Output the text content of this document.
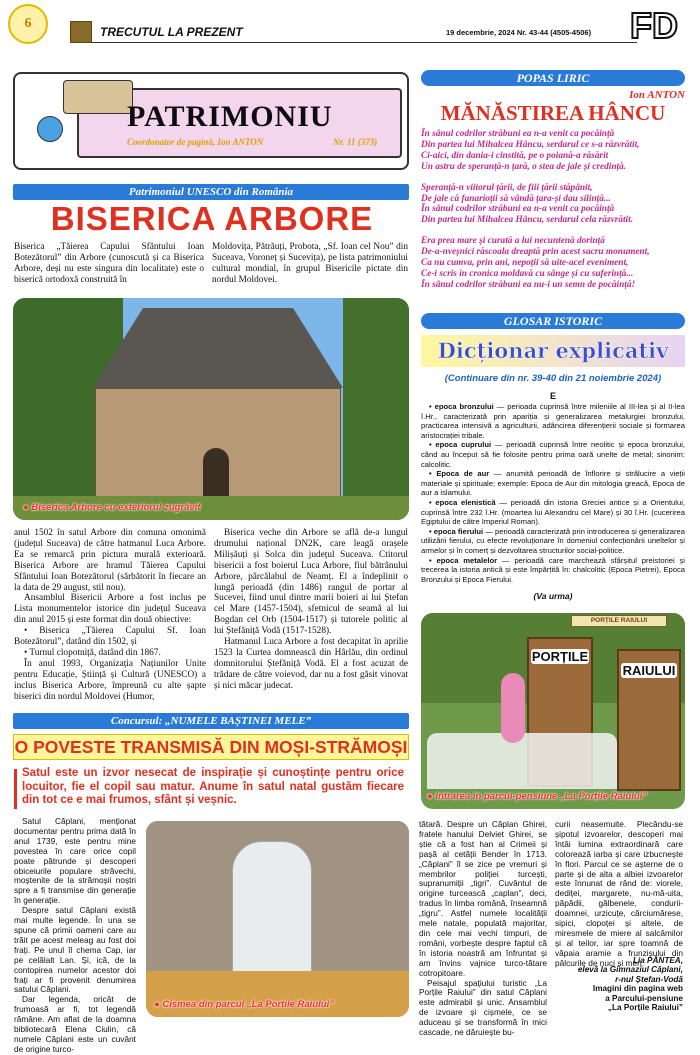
6
TRECUTUL LA PREZENT	19 decembrie, 2024 Nr. 43-44 (4505-4506) FD
PATRIMONIU
Coordonator de pagină, Ion ANTON	Nr. 11 (373)
Patrimoniul UNESCO din România
BISERICA ARBORE

Biserica „Tăierea Capului Sfântului Ioan Botezătorul” din Arbore (cunoscută și ca Biserica Arbore, deși nu este singura din localitate) este o biserică ortodoxă construită în

Moldovița, Pătrăuți, Probota, „Sf. Ioan cel Nou” din Suceava, Voroneț și Sucevița), pe lista patrimoniului cultural mondial, în grupul Bisericile pictate din nordul Moldovei.

● Biserica Arbore cu exteriorul zugrăvit

anul 1502 în satul Arbore din comuna omonimă (județul Suceava) de către hatmanul Luca Arbore. Ea se remarcă prin pictura murală exterioară. Biserica Arbore are hramul Tăierea Capului Sfântului Ioan Botezătorul (sărbătorit în fiecare an la data de 29 august, stil nou).

Ansamblul Bisericii Arbore a fost inclus pe Lista monumentelor istorice din județul Suceava din anul 2015 și este format din două obiective:

• Biserica „Tăierea Capului Sf. Ioan Botezătorul”, datând din 1502, și

• Turnul clopotniță, datând din 1867.

În anul 1993, Organizația Națiunilor Unite pentru Educație, Știință și Cultură (UNESCO) a inclus Biserica Arbore, împreună cu alte șapte biserici din nordul Moldovei (Humor,

Biserica veche din Arbore se află de-a lungul drumului național DN2K, care leagă orașele Milișăuți și Solca din județul Suceava. Ctitorul bisericii a fost boierul Luca Arbore, fiul bătrânului Arbore, pârcălabul de Neamț. El a îndeplinit o lungă perioadă (din 1486) rangul de portar al Sucevei, fiind unul dintre marii boieri ai lui Ștefan cel Mare (1457-1504), sfetnicul de seamă al lui Bogdan cel Orb (1504-1517) și tutorele politic al lui Ștefăniță Vodă (1517-1528).

Hatmanul Luca Arbore a fost decapitat în aprilie 1523 la Curtea domnească din Hârlău, din ordinul domnitorului Ștefăniță Vodă. El a fost acuzat de trădare de către voievod, dar nu a fost găsit vinovat și nici măcar judecat.

Concursul: „NUMELE BAȘTINEI MELE”
O POVESTE TRANSMISĂ DIN MOȘI-STRĂMOȘI

Satul este un izvor nesecat de inspirație și cunoștințe pentru orice locuitor, fie el copil sau matur. Anume în satul natal gustăm fiecare din tot ce e mai frumos, sfânt și veșnic.

Satul Căplani, menționat documentar pentru prima dată în anul 1739, este pentru mine povestea în care orice copil poate pătrunde și descoperi obiceiurile populare străvechi, moștenite de la strămoșii noștri spre a fi transmise din generație în generație.

Despre satul Căplani există mai multe legende. În una se spune că primii oameni care au trăit pe acest meleag au fost doi frați. Pe unul îl chema Cap, iar pe celălalt Lan. Și, ică, de la contopirea numelor acestor doi frați ar fi provenit denumirea satului Căplani.

Dar legenda, oricât de frumoasă ar fi, tot legendă rămâne. Am aflat de la doamna bibliotecară Elena Ciulin, că numele Căplani este un cuvânt de origine turco-

● Cișmea din parcul „La Porțile Raiului”

tătară. Despre un Căplan Ghirei, fratele hanului Delviet Ghirei, se știe că a fost han al Crimeii și pașă al cetății Bender în 1713. „Căplani” îl se zice pe vremuri și membrilor poliției turcești, supranumiții „tigri”. Cuvântul de origine turcească „caplan”, deci, tradus în limba română, înseamnă „tigru”. Astfel numele localității mele natale, populată majoritar, din cele mai vechi timpuri, de români, vorbește despre faptul că în istoria noastră am înfruntat și am învins vajnice turco-tătare cotropitoare.

Peisajul spațiului turistic „La Porțile Raiului” din satul Căplani este admirabil și unic. Ansamblul de izvoare și cișmele, ce se aduceau și se transformă în mici cascade, ne dăruiește bu-

curii neasemuite. Plecându-se șipotul izvoarelor, descoperi mai întâi lumina extraordinară care colorează iarba și care izbucnește în flori. Parcul ce se așterne de o parte și de alta a albiei izvoarelor este înnunat de rând de: viorele, dediței, margarete, nu-mă-uita, păpădii, gălbenele, condurii-doamnei, urzicuțe, cărciumărese, sipici, clopoței și altele, de miresmele de miere al salcâmilor și al teilor, iar spre toamnă de văpaia aramie a frunzișului din pâlcurile de nuci și meri.

Lia PÂNTEA,
elevă la Gimnaziul Căplani,
r-nul Ștefan-Vodă
Imagini din pagina web
a Parcului-pensiune
„La Porțile Raiului”
POPAS LIRIC
Ion ANTON
MĂNĂSTIREA HÂNCU
În sânul codrilor străbuni ea n-a venit ca pocăință
Din partea lui Mihalcea Hâncu, serdarul ce s-a răzvrătit,
Ci-aici, din dania-i cinstită, pe o poiană-a răsărit
Un astru de speranță-n țară, o stea de jale și credință.
Speranță-n viitorul țării, de fiii țării stăpânit,
De jale că fanarioții să vândă țara-și dau silință...
În sânul codrilor străbuni ea n-a venit ca pocăință
Din partea lui Mihalcea Hâncu, serdarul cela răzvrătit.
Era prea mare și curată a lui necuntenă dorință
De-a-nveșnici răscoala dreaptă prin acest sacru monument,
Ca nu cumva, prin ani, nepoții să uite-acel eveniment,
Ce-i scris în cronica moldavă cu sânge și cu suferință...
În sânul codrilor străbuni ea nu-i un semn de pocăință!
GLOSAR ISTORIC
Dicționar explicativ
(Continuare din nr. 39-40 din 21 noiembrie 2024)
E

• epoca bronzului — perioada cuprinsă între mileniile al III-lea și al II-lea î.Hr., caracterizată prin apariția și generalizarea metalurgiei bronzului, practicarea intensivă a agriculturii, adâncirea diferențierii sociale și formarea aristocrației tribale.

• epoca cuprului — perioadă cuprinsă între neolitic și epoca bronzului, când au început să fie folosite pentru prima oară unelte de metal; sinonim: calcolitic.

• Epoca de aur — anumită perioadă de înflorire și strălucire a vieții materiale și spirituale; exemple: Epoca de Aur din mitologia greacă, Epoca de aur a islamului.

• epoca elenistică — perioadă din istoria Greciei antice și a Orientului, cuprinsă între 232 î.Hr. (moartea lui Alexandru cel Mare) și 30 î.Hr. (cucerirea Egiptului de către Imperiul Roman).

• epoca fierului — perioadă caracterizată prin introducerea și generalizarea utilizării fierului, cu efecte revoluționare în domeniul confecționării uneltelor și armelor și în comerț și dezvoltarea structurilor social-politice.

• epoca metalelor — perioadă care marchează sfârșitul preistoriei și trecerea la istoria antică și este împărțită în: chalcolitic (Epoca Pietrei), Epoca Bronzului și Epoca Fierului.

(Va urma)
PORȚILE RAIULUI
PORȚILE
RAIULUI
● Intrarea în parcul-pensiune „La Porțile Raiului”
